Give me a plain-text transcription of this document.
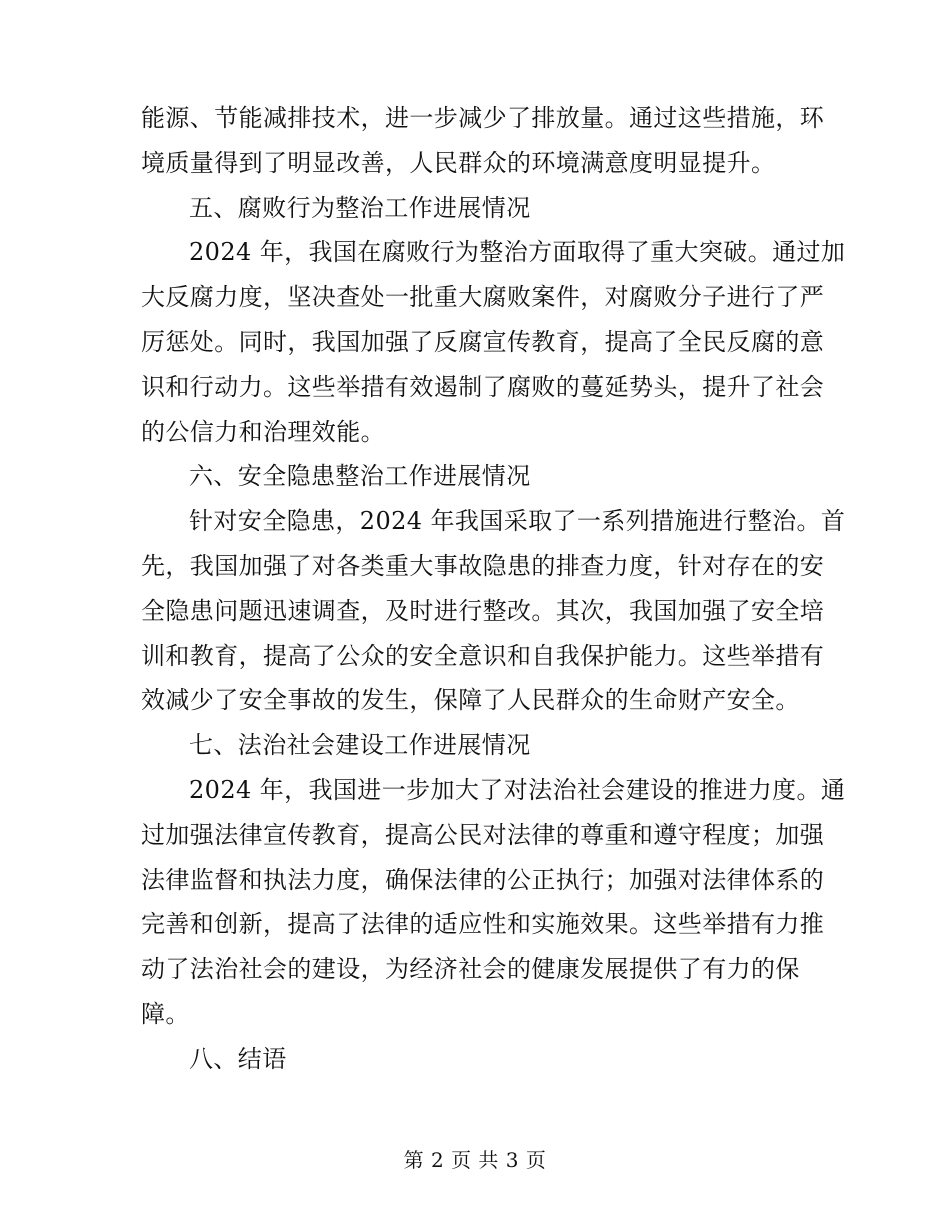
能源、节能减排技术，进一步减少了排放量。通过这些措施，环
境质量得到了明显改善，人民群众的环境满意度明显提升。

五、腐败行为整治工作进展情况

2024 年，我国在腐败行为整治方面取得了重大突破。通过加
大反腐力度，坚决查处一批重大腐败案件，对腐败分子进行了严
厉惩处。同时，我国加强了反腐宣传教育，提高了全民反腐的意
识和行动力。这些举措有效遏制了腐败的蔓延势头，提升了社会
的公信力和治理效能。

六、安全隐患整治工作进展情况

针对安全隐患，2024 年我国采取了一系列措施进行整治。首
先，我国加强了对各类重大事故隐患的排查力度，针对存在的安
全隐患问题迅速调查，及时进行整改。其次，我国加强了安全培
训和教育，提高了公众的安全意识和自我保护能力。这些举措有
效减少了安全事故的发生，保障了人民群众的生命财产安全。

七、法治社会建设工作进展情况

2024 年，我国进一步加大了对法治社会建设的推进力度。通
过加强法律宣传教育，提高公民对法律的尊重和遵守程度；加强
法律监督和执法力度，确保法律的公正执行；加强对法律体系的
完善和创新，提高了法律的适应性和实施效果。这些举措有力推
动了法治社会的建设，为经济社会的健康发展提供了有力的保
障。

八、结语

第 2 页 共 3 页
